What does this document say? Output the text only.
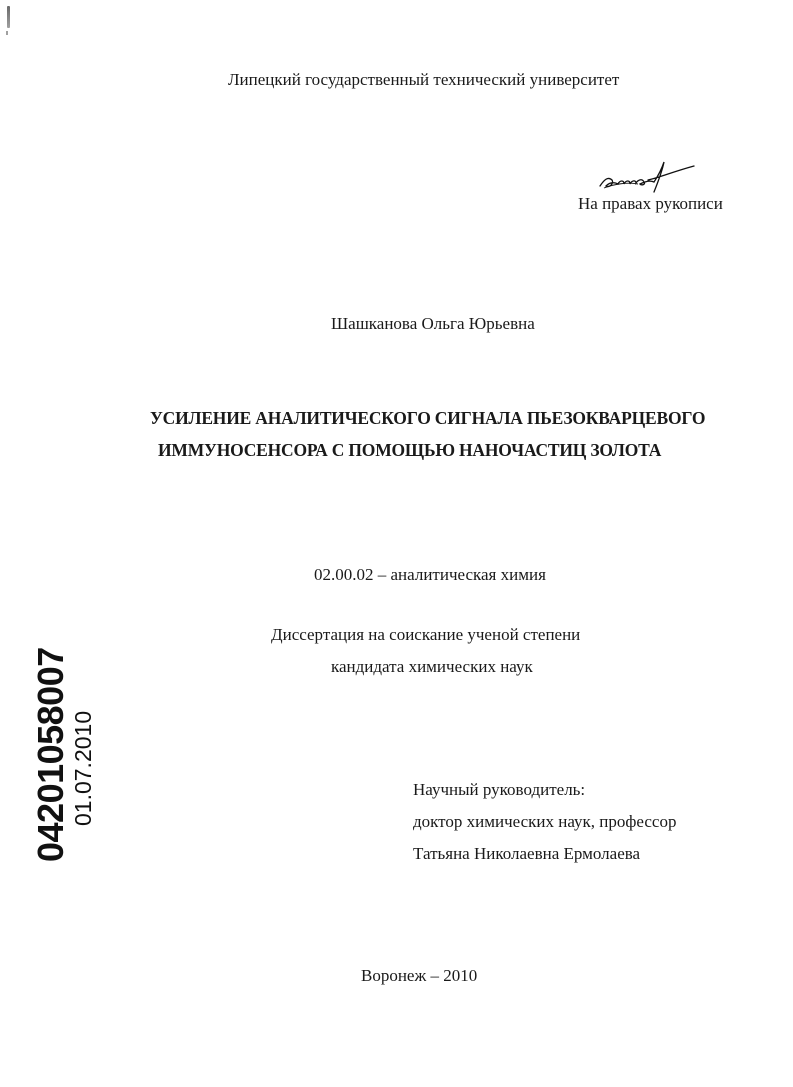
Липецкий государственный технический университет
На правах рукописи
Шашканова Ольга Юрьевна
УСИЛЕНИЕ АНАЛИТИЧЕСКОГО СИГНАЛА ПЬЕЗОКВАРЦЕВОГО
ИММУНОСЕНСОРА С ПОМОЩЬЮ НАНОЧАСТИЦ ЗОЛОТА
02.00.02 – аналитическая химия
Диссертация на соискание ученой степени
кандидата химических наук
Научный руководитель:
доктор химических наук, профессор
Татьяна Николаевна Ермолаева
Воронеж – 2010
04201058007 01.07.2010
